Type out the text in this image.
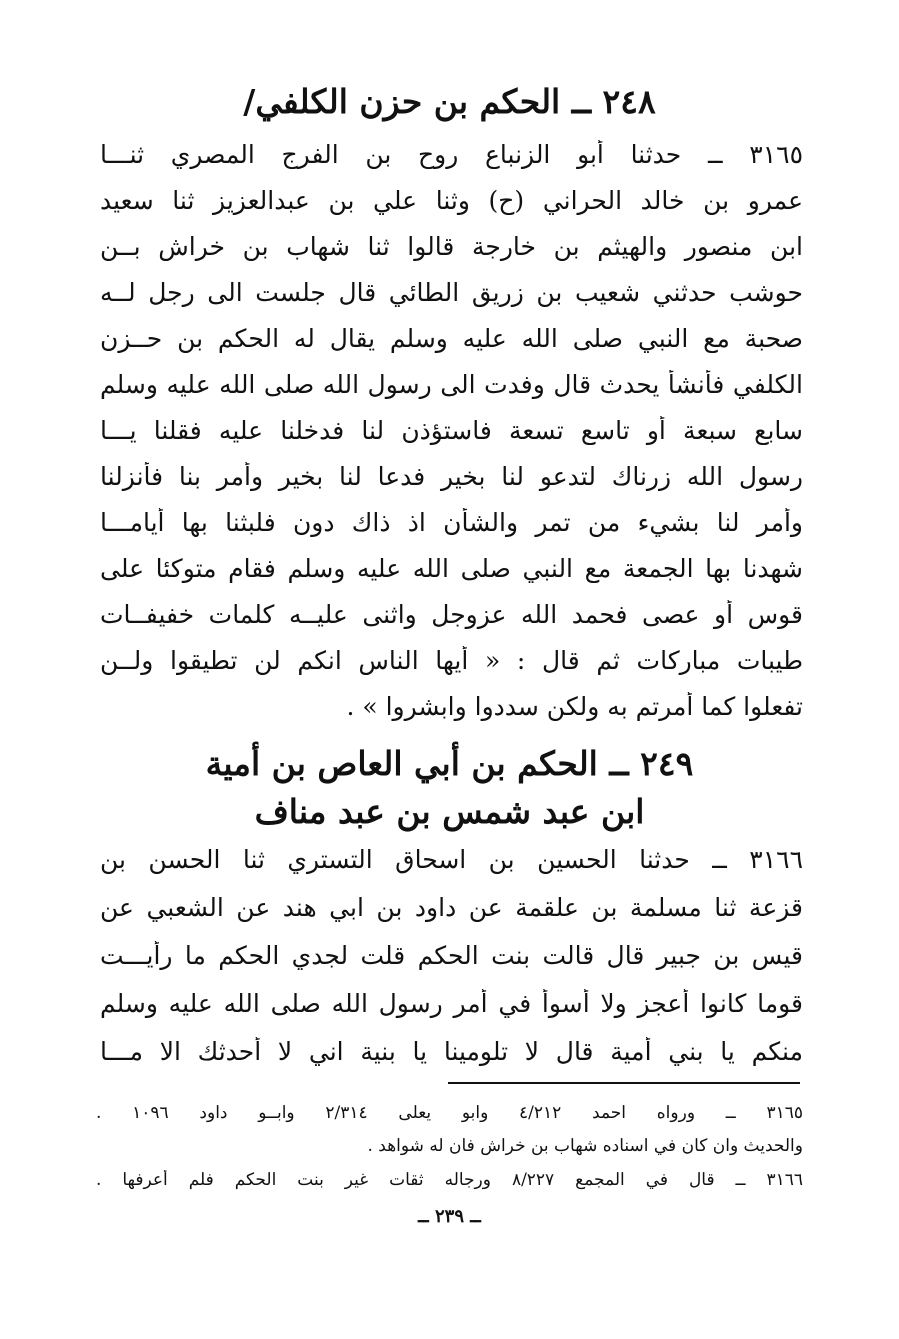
٢٤٨ ــ الحكم بن حزن الكلفي/
٣١٦٥ ــ حدثنا أبو الزنباع روح بن الفرج المصري ثنـــا
عمرو بن خالد الحراني (ح) وثنا علي بن عبدالعزيز ثنا سعيد
ابن منصور والهيثم بن خارجة قالوا ثنا شهاب بن خراش بــن
حوشب حدثني شعيب بن زريق الطائي قال جلست الى رجل لــه
صحبة مع النبي صلى الله عليه وسلم يقال له الحكم بن حــزن
الكلفي فأنشأ يحدث قال وفدت الى رسول الله صلى الله عليه وسلم
سابع سبعة أو تاسع تسعة فاستؤذن لنا فدخلنا عليه فقلنا يـــا
رسول الله زرناك لتدعو لنا بخير فدعا لنا بخير وأمر بنا فأنزلنا
وأمر لنا بشيء من تمر والشأن اذ ذاك دون فلبثنا بها أيامـــا
شهدنا بها الجمعة مع النبي صلى الله عليه وسلم فقام متوكئا على
قوس أو عصى فحمد الله عزوجل واثنى عليــه كلمات خفيفــات
طيبات مباركات ثم قال : « أيها الناس انكم لن تطيقوا ولــن
تفعلوا كما أمرتم به ولكن سددوا وابشروا » .
٢٤٩ ــ الحكم بن أبي العاص بن أمية
ابن عبد شمس بن عبد مناف
٣١٦٦ ــ حدثنا الحسين بن اسحاق التستري ثنا الحسن بن
قزعة ثنا مسلمة بن علقمة عن داود بن ابي هند عن الشعبي عن
قيس بن جبير قال قالت بنت الحكم قلت لجدي الحكم ما رأيـــت
قوما كانوا أعجز ولا أسوأ في أمر رسول الله صلى الله عليه وسلم
منكم يا بني أمية قال لا تلومينا يا بنية اني لا أحدثك الا مـــا
٣١٦٥ ــ ورواه احمد ٤/٢١٢ وابو يعلى ٢/٣١٤ وابــو داود ١٠٩٦ .
والحديث وان كان في اسناده شهاب بن خراش فان له شواهد .
٣١٦٦ ــ قال في المجمع ٨/٢٢٧ ورجاله ثقات غير بنت الحكم فلم أعرفها .
ــ ٢٣٩ ــ
